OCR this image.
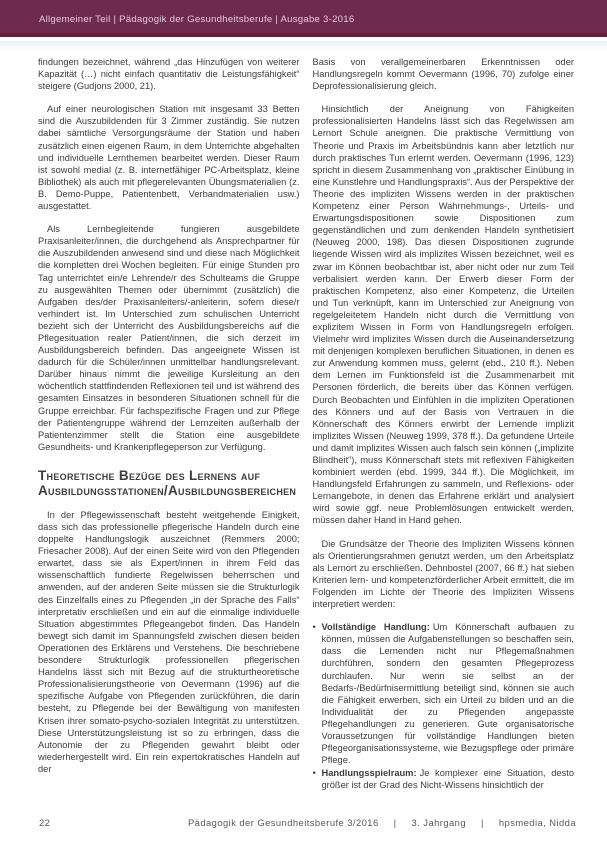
Allgemeiner Teil | Pädagogik der Gesundheitsberufe | Ausgabe 3-2016

findungen bezeichnet, während „das Hinzufügen von weiterer Kapazität (…) nicht einfach quantitativ die Leistungsfähigkeit“ steigere (Gudjons 2000, 21).

Auf einer neurologischen Station mit insgesamt 33 Betten sind die Auszubildenden für 3 Zimmer zuständig. Sie nutzen dabei sämtliche Versorgungsräume der Station und haben zusätzlich einen eigenen Raum, in dem Unterrichte abgehalten und individuelle Lernthemen bearbeitet werden. Dieser Raum ist sowohl medial (z. B. internetfähiger PC-Arbeitsplatz, kleine Bibliothek) als auch mit pflegerelevanten Übungsmaterialien (z. B. Demo-Puppe, Patientenbett, Verbandmaterialien usw.) ausgestattet.

Als Lernbegleitende fungieren ausgebildete Praxisanleiter/innen, die durchgehend als Ansprechpartner für die Auszubildenden anwesend sind und diese nach Möglichkeit die kompletten drei Wochen begleiten. Für einige Stunden pro Tag unterrichtet ein/e Lehrende/r des Schulteams die Gruppe zu ausgewählten Themen oder übernimmt (zusätzlich) die Aufgaben des/der Praxisanleiters/-anleiterin, sofern diese/r verhindert ist. Im Unterschied zum schulischen Unterricht bezieht sich der Unterricht des Ausbildungsbereichs auf die Pflegesituation realer Patient/innen, die sich derzeit im Ausbildungsbereich befinden. Das angeeignete Wissen ist dadurch für die Schüler/innen unmittelbar handlungsrelevant. Darüber hinaus nimmt die jeweilige Kursleitung an den wöchentlich stattfindenden Reflexionen teil und ist während des gesamten Einsatzes in besonderen Situationen schnell für die Gruppe erreichbar. Für fachspezifische Fragen und zur Pflege der Patientengruppe während der Lernzeiten außerhalb der Patientenzimmer stellt die Station eine ausgebildete Gesundheits- und Krankenpflegeperson zur Verfügung.

Theoretische Bezüge des Lernens auf Ausbildungsstationen/Ausbildungsbereichen

In der Pflegewissenschaft besteht weitgehende Einigkeit, dass sich das professionelle pflegerische Handeln durch eine doppelte Handlungslogik auszeichnet (Remmers 2000; Friesacher 2008). Auf der einen Seite wird von den Pflegenden erwartet, dass sie als Expert/innen in ihrem Feld das wissenschaftlich fundierte Regelwissen beherrschen und anwenden, auf der anderen Seite müssen sie die Strukturlogik des Einzelfalls eines zu Pflegenden „in der Sprache des Falls“ interpretativ erschließen und ein auf die einmalige individuelle Situation abgestimmtes Pflegeangebot finden. Das Handeln bewegt sich damit im Spannungsfeld zwischen diesen beiden Operationen des Erklärens und Verstehens. Die beschriebene besondere Strukturlogik professionellen pflegerischen Handelns lässt sich mit Bezug auf die strukturtheoretische Professionalisierungstheorie von Oevermann (1996) auf die spezifische Aufgabe von Pflegenden zurückführen, die darin besteht, zu Pflegende bei der Bewältigung von manifesten Krisen ihrer somato-psycho-sozialen Integrität zu unterstützen. Diese Unterstützungsleistung ist so zu erbringen, dass die Autonomie der zu Pflegenden gewahrt bleibt oder wiederhergestellt wird. Ein rein expertokratisches Handeln auf der

Basis von verallgemeinerbaren Erkenntnissen oder Handlungsregeln kommt Oevermann (1996, 70) zufolge einer Deprofessionalisierung gleich.

Hinsichtlich der Aneignung von Fähigkeiten professionalisierten Handelns lässt sich das Regelwissen am Lernort Schule aneignen. Die praktische Vermittlung von Theorie und Praxis im Arbeitsbündnis kann aber letztlich nur durch praktisches Tun erlernt werden. Oevermann (1996, 123) spricht in diesem Zusammenhang von „praktischer Einübung in eine Kunstlehre und Handlungspraxis“. Aus der Perspektive der Theorie des impliziten Wissens werden in der praktischen Kompetenz einer Person Wahrnehmungs-, Urteils- und Erwartungsdispositionen sowie Dispositionen zum gegenständlichen und zum denkenden Handeln synthetisiert (Neuweg 2000, 198). Das diesen Dispositionen zugrunde liegende Wissen wird als implizites Wissen bezeichnet, weil es zwar im Können beobachtbar ist, aber nicht oder nur zum Teil verbalisiert werden kann. Der Erwerb dieser Form der praktischen Kompetenz, also einer Kompetenz, die Urteilen und Tun verknüpft, kann im Unterschied zur Aneignung von regelgeleitetem Handeln nicht durch die Vermittlung von explizitem Wissen in Form von Handlungsregeln erfolgen. Vielmehr wird implizites Wissen durch die Auseinandersetzung mit denjenigen komplexen beruflichen Situationen, in denen es zur Anwendung kommen muss, gelernt (ebd., 210 ff.). Neben dem Lernen im Funktionsfeld ist die Zusammenarbeit mit Personen förderlich, die bereits über das Können verfügen. Durch Beobachten und Einfühlen in die impliziten Operationen des Könners und auf der Basis von Vertrauen in die Könnerschaft des Könners erwirbt der Lernende implizit implizites Wissen (Neuweg 1999, 378 ff.). Da gefundene Urteile und damit implizites Wissen auch falsch sein können („implizite Blindheit“), muss Könnerschaft stets mit reflexiven Fähigkeiten kombiniert werden (ebd. 1999, 344 ff.). Die Möglichkeit, im Handlungsfeld Erfahrungen zu sammeln, und Reflexions- oder Lernangebote, in denen das Erfahrene erklärt und analysiert wird sowie ggf. neue Problemlösungen entwickelt werden, müssen daher Hand in Hand gehen.

Die Grundsätze der Theorie des Impliziten Wissens können als Orientierungsrahmen genutzt werden, um den Arbeitsplatz als Lernort zu erschließen. Dehnbostel (2007, 66 ff.) hat sieben Kriterien lern- und kompetenzförderlicher Arbeit ermittelt, die im Folgenden im Lichte der Theorie des Impliziten Wissens interpretiert werden:

• Vollständige Handlung: Um Könnerschaft aufbauen zu können, müssen die Aufgabenstellungen so beschaffen sein, dass die Lernenden nicht nur Pflegemaßnahmen durchführen, sondern den gesamten Pflegeprozess durchlaufen. Nur wenn sie selbst an der Bedarfs-/Bedürfnisermittlung beteiligt sind, können sie auch die Fähigkeit erwerben, sich ein Urteil zu bilden und an die Individualität der zu Pflegenden angepasste Pflegehandlungen zu generieren. Gute organisatorische Voraussetzungen für vollständige Handlungen bieten Pflegeorganisationssysteme, wie Bezugspflege oder primäre Pflege.
• Handlungsspielraum: Je komplexer eine Situation, desto größer ist der Grad des Nicht-Wissens hinsichtlich der
22	Pädagogik der Gesundheitsberufe 3/2016 | 3. Jahrgang | hpsmedia, Nidda
